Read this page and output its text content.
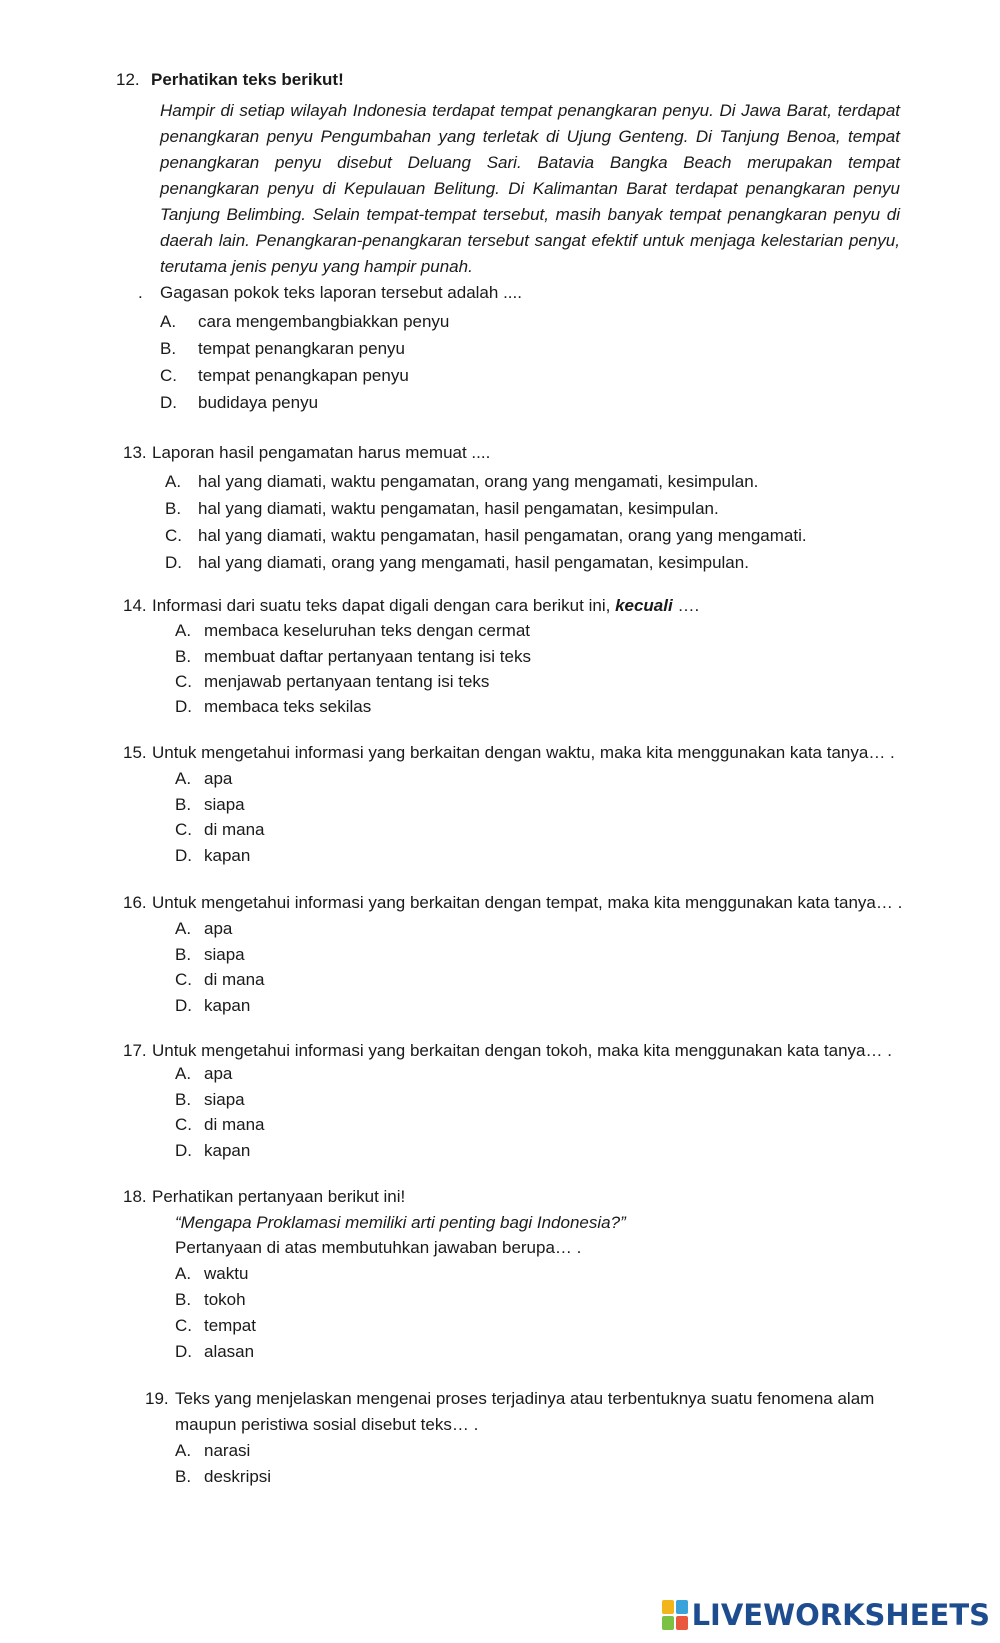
12. Perhatikan teks berikut!

Hampir di setiap wilayah Indonesia terdapat tempat penangkaran penyu. Di Jawa Barat, terdapat penangkaran penyu Pengumbahan yang terletak di Ujung Genteng. Di Tanjung Benoa, tempat penangkaran penyu disebut Deluang Sari. Batavia Bangka Beach merupakan tempat penangkaran penyu di Kepulauan Belitung. Di Kalimantan Barat terdapat penangkaran penyu Tanjung Belimbing. Selain tempat-tempat tersebut, masih banyak tempat penangkaran penyu di daerah lain. Penangkaran-penangkaran tersebut sangat efektif untuk menjaga kelestarian penyu, terutama jenis penyu yang hampir punah.

. Gagasan pokok teks laporan tersebut adalah ....
A. cara mengembangbiakkan penyu
B. tempat penangkaran penyu
C. tempat penangkapan penyu
D. budidaya penyu
13. Laporan hasil pengamatan harus memuat ....
A. hal yang diamati, waktu pengamatan, orang yang mengamati, kesimpulan.
B. hal yang diamati, waktu pengamatan, hasil pengamatan, kesimpulan.
C. hal yang diamati, waktu pengamatan, hasil pengamatan, orang yang mengamati.
D. hal yang diamati, orang yang mengamati, hasil pengamatan, kesimpulan.
14. Informasi dari suatu teks dapat digali dengan cara berikut ini, kecuali ….
A. membaca keseluruhan teks dengan cermat
B. membuat daftar pertanyaan tentang isi teks
C. menjawab pertanyaan tentang isi teks
D. membaca teks sekilas
15. Untuk mengetahui informasi yang berkaitan dengan waktu, maka kita menggunakan kata tanya… .
A. apa
B. siapa
C. di mana
D. kapan
16. Untuk mengetahui informasi yang berkaitan dengan tempat, maka kita menggunakan kata tanya… .
A. apa
B. siapa
C. di mana
D. kapan
17. Untuk mengetahui informasi yang berkaitan dengan tokoh, maka kita menggunakan kata tanya… .
A. apa
B. siapa
C. di mana
D. kapan
18. Perhatikan pertanyaan berikut ini!
“Mengapa Proklamasi memiliki arti penting bagi Indonesia?”
Pertanyaan di atas membutuhkan jawaban berupa… .
A. waktu
B. tokoh
C. tempat
D. alasan
19. Teks yang menjelaskan mengenai proses terjadinya atau terbentuknya suatu fenomena alam
maupun peristiwa sosial disebut teks… .
A. narasi
B. deskripsi
LIVEWORKSHEETS
